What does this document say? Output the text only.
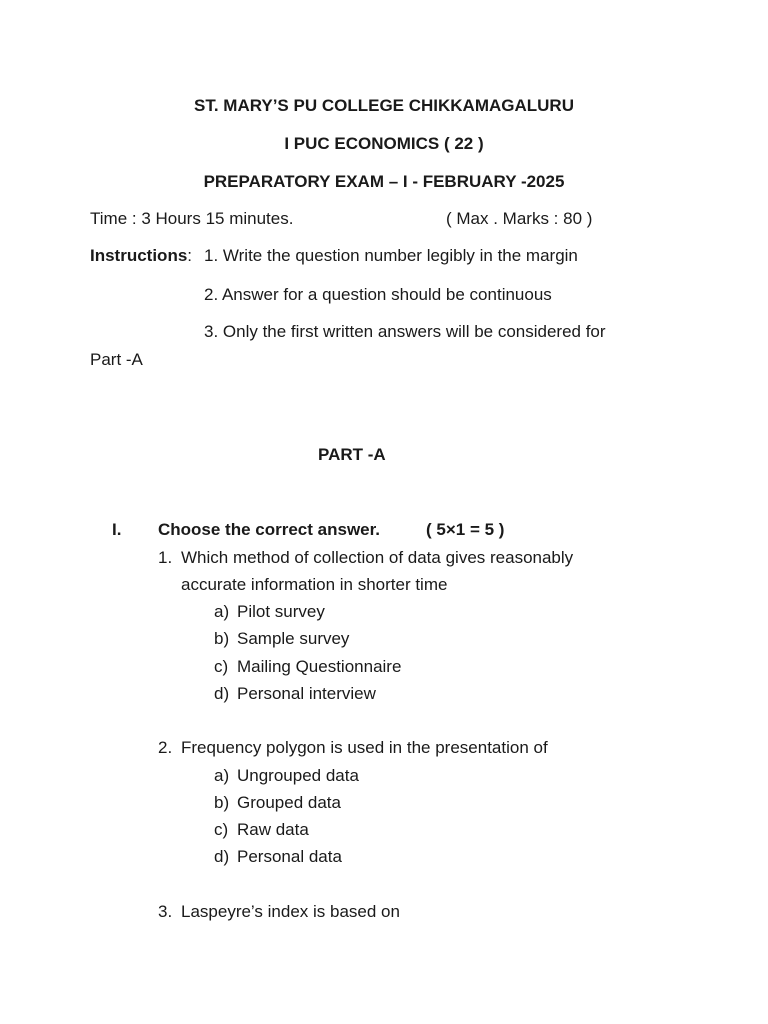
ST. MARY’S PU COLLEGE CHIKKAMAGALURU
I PUC ECONOMICS ( 22 )
PREPARATORY EXAM – I - FEBRUARY -2025
Time : 3 Hours 15 minutes.	( Max . Marks : 80 )
Instructions: 1. Write the question number legibly in the margin
2. Answer for a question should be continuous
3. Only the first written answers will be considered for
Part -A
PART -A
I. Choose the correct answer.	( 5×1 = 5 )
1. Which method of collection of data gives reasonably
accurate information in shorter time
a) Pilot survey
b) Sample survey
c) Mailing Questionnaire
d) Personal interview
2. Frequency polygon is used in the presentation of
a) Ungrouped data
b) Grouped data
c) Raw data
d) Personal data
3. Laspeyre’s index is based on
